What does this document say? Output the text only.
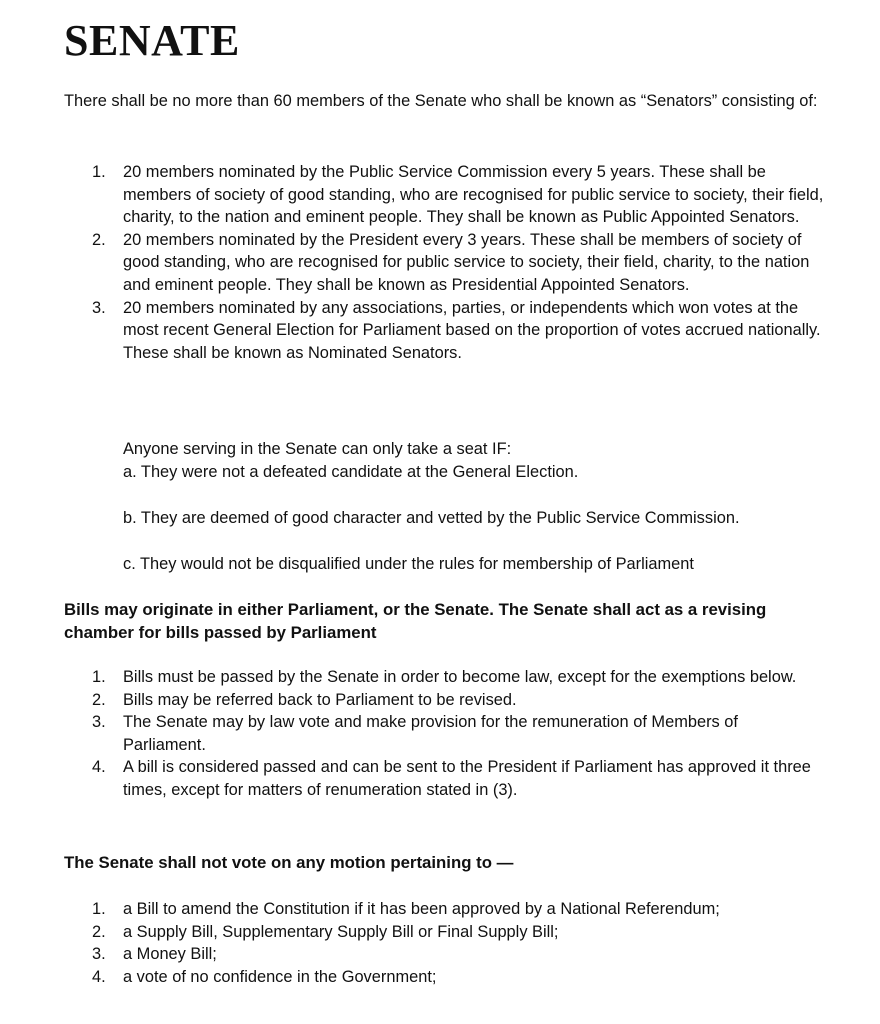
SENATE

There shall be no more than 60 members of the Senate who shall be known as “Senators” consisting of:

1.	20 members nominated by the Public Service Commission every 5 years. These shall be members of society of good standing, who are recognised for public service to society, their field, charity, to the nation and eminent people. They shall be known as Public Appointed Senators.
2.	20 members nominated by the President every 3 years. These shall be members of society of good standing, who are recognised for public service to society, their field, charity, to the nation and eminent people. They shall be known as Presidential Appointed Senators.
3.	20 members nominated by any associations, parties, or independents which won votes at the most recent General Election for Parliament based on the proportion of votes accrued nationally. These shall be known as Nominated Senators.
Anyone serving in the Senate can only take a seat IF:
a. They were not a defeated candidate at the General Election.
b. They are deemed of good character and vetted by the Public Service Commission.
c. They would not be disqualified under the rules for membership of Parliament
Bills may originate in either Parliament, or the Senate. The Senate shall act as a revising chamber for bills passed by Parliament
1.	Bills must be passed by the Senate in order to become law, except for the exemptions below.
2.	Bills may be referred back to Parliament to be revised.
3.	The Senate may by law vote and make provision for the remuneration of Members of Parliament.
4.	A bill is considered passed and can be sent to the President if Parliament has approved it three times, except for matters of renumeration stated in (3).
The Senate shall not vote on any motion pertaining to —
1.	a Bill to amend the Constitution if it has been approved by a National Referendum;
2.	a Supply Bill, Supplementary Supply Bill or Final Supply Bill;
3.	a Money Bill;
4.	a vote of no confidence in the Government;
